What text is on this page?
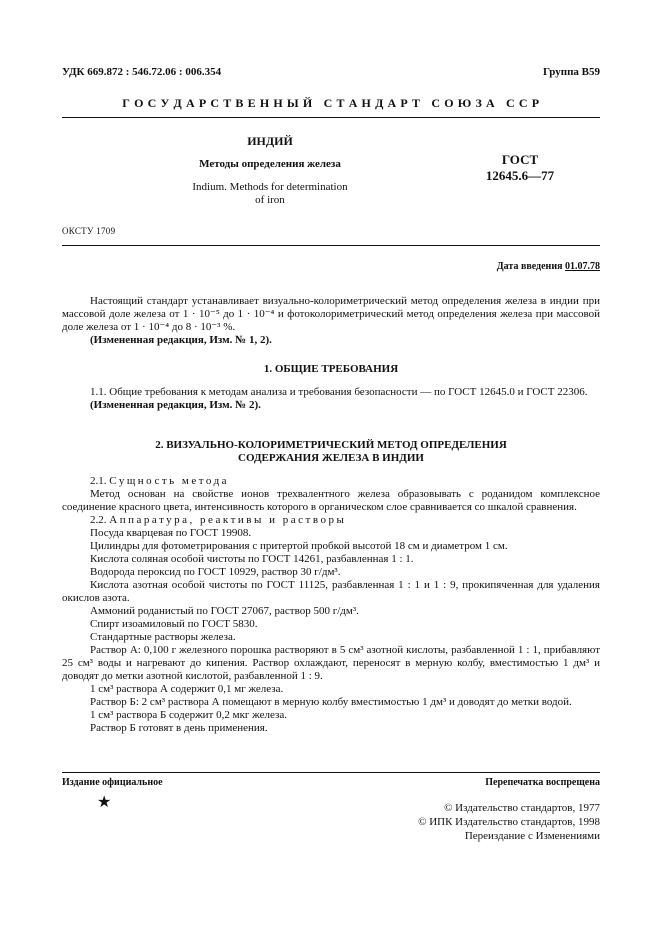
УДК 669.872 : 546.72.06 : 006.354	Группа В59
Г О С У Д А Р С Т В Е Н Н Ы Й   С Т А Н Д А Р Т   С О Ю З А   С С Р
ИНДИЙ
Методы определения железа
Indium. Methods for determination
of iron
ГОСТ
12645.6—77
ОКСТУ 1709
Дата введения 01.07.78

Настоящий стандарт устанавливает визуально-колориметрический метод определения железа в индии при массовой доле железа от 1 · 10⁻⁵ до 1 · 10⁻⁴ и фотоколориметрический метод определения железа при массовой доле железа от 1 · 10⁻⁴ до 8 · 10⁻³ %.

(Измененная редакция, Изм. № 1, 2).

1. ОБЩИЕ ТРЕБОВАНИЯ

1.1. Общие требования к методам анализа и требования безопасности — по ГОСТ 12645.0 и ГОСТ 22306.

(Измененная редакция, Изм. № 2).

2. ВИЗУАЛЬНО-КОЛОРИМЕТРИЧЕСКИЙ МЕТОД ОПРЕДЕЛЕНИЯ
СОДЕРЖАНИЯ ЖЕЛЕЗА В ИНДИИ

2.1. Сущность метода

Метод основан на свойстве ионов трехвалентного железа образовывать с роданидом комплексное соединение красного цвета, интенсивность которого в органическом слое сравнивается со шкалой сравнения.

2.2. Аппаратура, реактивы и растворы

Посуда кварцевая по ГОСТ 19908.

Цилиндры для фотометрирования с притертой пробкой высотой 18 см и диаметром 1 см.

Кислота соляная особой чистоты по ГОСТ 14261, разбавленная 1 : 1.

Водорода пероксид по ГОСТ 10929, раствор 30 г/дм³.

Кислота азотная особой чистоты по ГОСТ 11125, разбавленная 1 : 1 и 1 : 9, прокипяченная для удаления окислов азота.

Аммоний роданистый по ГОСТ 27067, раствор 500 г/дм³.

Спирт изоамиловый по ГОСТ 5830.

Стандартные растворы железа.

Раствор А: 0,100 г железного порошка растворяют в 5 см³ азотной кислоты, разбавленной 1 : 1, прибавляют 25 см³ воды и нагревают до кипения. Раствор охлаждают, переносят в мерную колбу, вместимостью 1 дм³ и доводят до метки азотной кислотой, разбавленной 1 : 9.

1 см³ раствора А содержит 0,1 мг железа.

Раствор Б: 2 см³ раствора А помещают в мерную колбу вместимостью 1 дм³ и доводят до метки водой.

1 см³ раствора Б содержит 0,2 мкг железа.

Раствор Б готовят в день применения.

Издание официальное	Перепечатка воспрещена
★	© Издательство стандартов, 1977
© ИПК Издательство стандартов, 1998
Переиздание с Изменениями
